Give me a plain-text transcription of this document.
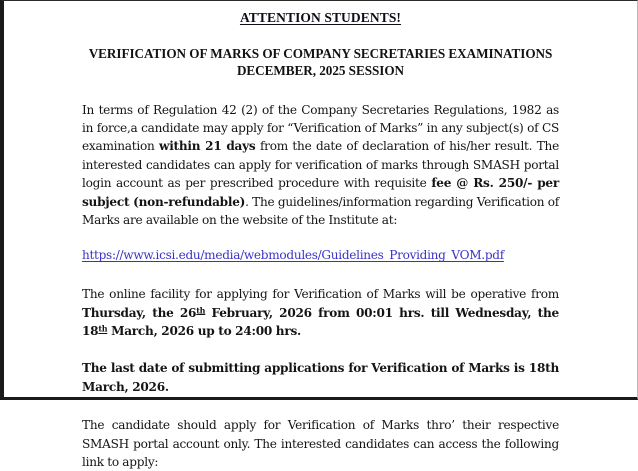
ATTENTION STUDENTS!
VERIFICATION OF MARKS OF COMPANY SECRETARIES EXAMINATIONS
DECEMBER, 2025 SESSION

In terms of Regulation 42 (2) of the Company Secretaries Regulations, 1982 as in force,a candidate may apply for “Verification of Marks” in any subject(s) of CS examination within 21 days from the date of declaration of his/her result. The interested candidates can apply for verification of marks through SMASH portal login account as per prescribed procedure with requisite fee @ Rs. 250/- per subject (non-refundable). The guidelines/information regarding Verification of Marks are available on the website of the Institute at:

https://www.icsi.edu/media/webmodules/Guidelines_Providing_VOM.pdf

The online facility for applying for Verification of Marks will be operative from Thursday, the 26th February, 2026 from 00:01 hrs. till Wednesday, the 18th March, 2026 up to 24:00 hrs.

The last date of submitting applications for Verification of Marks is 18th March, 2026.

The candidate should apply for Verification of Marks thro’ their respective SMASH portal account only. The interested candidates can access the following link to apply:
